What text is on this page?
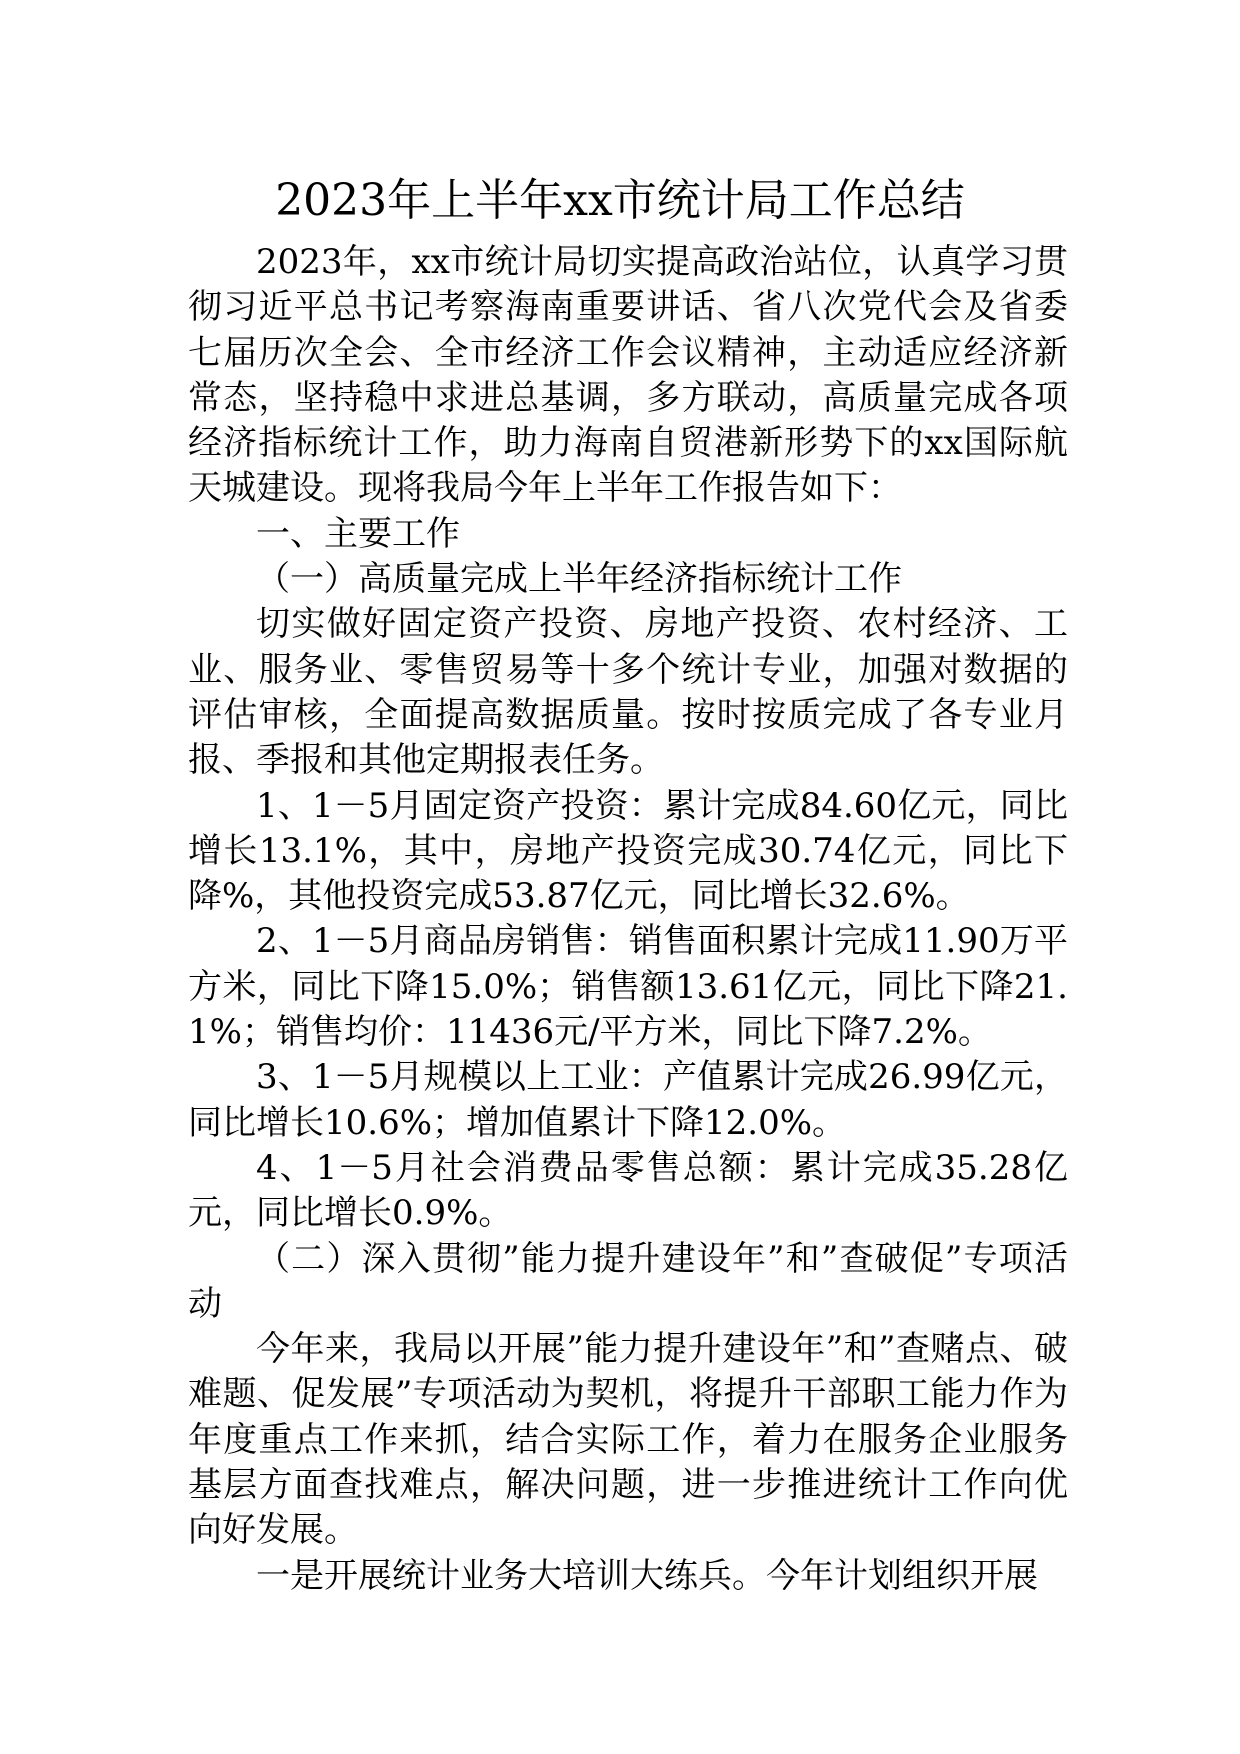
2023年上半年xx市统计局工作总结

2023年，xx市统计局切实提高政治站位，认真学习贯彻习近平总书记考察海南重要讲话、省八次党代会及省委七届历次全会、全市经济工作会议精神，主动适应经济新常态，坚持稳中求进总基调，多方联动，高质量完成各项经济指标统计工作，助力海南自贸港新形势下的xx国际航天城建设。现将我局今年上半年工作报告如下：

一、主要工作

（一）高质量完成上半年经济指标统计工作

切实做好固定资产投资、房地产投资、农村经济、工业、服务业、零售贸易等十多个统计专业，加强对数据的评估审核，全面提高数据质量。按时按质完成了各专业月报、季报和其他定期报表任务。

1、1－5月固定资产投资：累计完成84.60亿元，同比增长13.1%，其中，房地产投资完成30.74亿元，同比下降%，其他投资完成53.87亿元，同比增长32.6%。

2、1－5月商品房销售：销售面积累计完成11.90万平方米，同比下降15.0%；销售额13.61亿元，同比下降21.1%；销售均价：11436元/平方米，同比下降7.2%。

3、1－5月规模以上工业：产值累计完成26.99亿元，同比增长10.6%；增加值累计下降12.0%。

4、1－5月社会消费品零售总额：累计完成35.28亿元，同比增长0.9%。

（二）深入贯彻”能力提升建设年”和”查破促”专项活动

今年来，我局以开展”能力提升建设年”和”查赌点、破难题、促发展”专项活动为契机，将提升干部职工能力作为年度重点工作来抓，结合实际工作，着力在服务企业服务基层方面查找难点，解决问题，进一步推进统计工作向优向好发展。

一是开展统计业务大培训大练兵。今年计划组织开展
